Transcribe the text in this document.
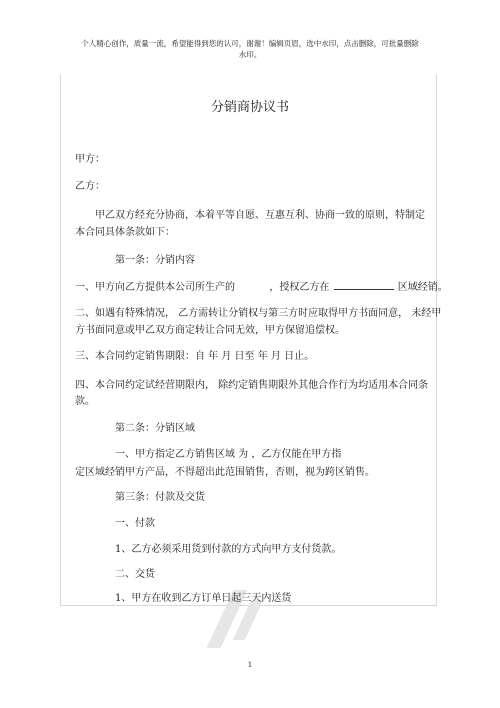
个人精心创作，质量一流，希望能得到您的认可，谢谢！编辑页眉，选中水印，点击删除，可批量删除
水印。
分销商协议书
甲方：
乙方：
甲乙双方经充分协商，本着平等自愿、互惠互利、协商一致的原则，特制定
本合同具体条款如下：
第一条：分销内容
一、甲方向乙方提供本公司所生产的	，授权乙方在	区域经销。
二、如遇有特殊情况， 乙方需转让分销权与第三方时应取得甲方书面同意， 未经甲
方书面同意或甲乙双方商定转让合同无效，甲方保留追偿权。
三、本合同约定销售期限：自 年 月 日至 年 月 日止。
四、本合同约定试经营期限内， 除约定销售期限外其他合作行为均适用本合同条
款。
第二条：分销区域
一、甲方指定乙方销售区域 为 ，乙方仅能在甲方指
定区域经销甲方产品，不得超出此范围销售，否则，视为跨区销售。
第三条：付款及交货
一、付款
1、乙方必须采用货到付款的方式向甲方支付货款。
二、交货
1、甲方在收到乙方订单日起三天内送货
1
